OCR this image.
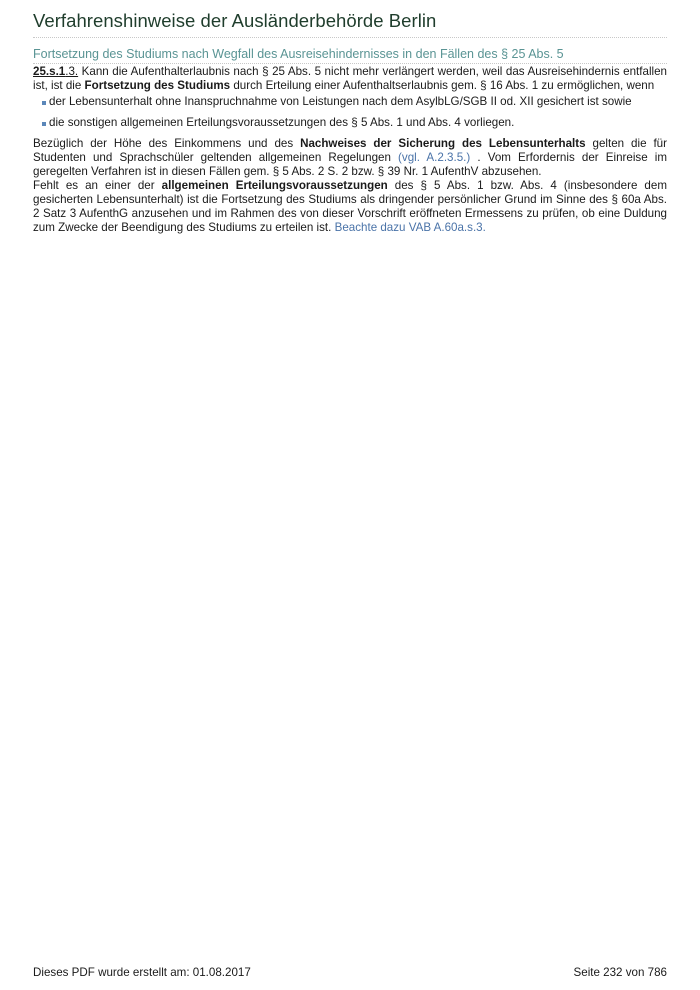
Verfahrenshinweise der Ausländerbehörde Berlin
Fortsetzung des Studiums nach Wegfall des Ausreisehindernisses in den Fällen des § 25 Abs. 5

25.s.1.3. Kann die Aufenthalterlaubnis nach § 25 Abs. 5 nicht mehr verlängert werden, weil das Ausreisehindernis entfallen ist, ist die Fortsetzung des Studiums durch Erteilung einer Aufenthaltserlaubnis gem. § 16 Abs. 1 zu ermöglichen, wenn

der Lebensunterhalt ohne Inanspruchnahme von Leistungen nach dem AsylbLG/SGB II od. XII gesichert ist sowie
die sonstigen allgemeinen Erteilungsvoraussetzungen des § 5 Abs. 1 und Abs. 4 vorliegen.

Bezüglich der Höhe des Einkommens und des Nachweises der Sicherung des Lebensunterhalts gelten die für Studenten und Sprachschüler geltenden allgemeinen Regelungen (vgl. A.2.3.5.) . Vom Erfordernis der Einreise im geregelten Verfahren ist in diesen Fällen gem. § 5 Abs. 2 S. 2 bzw. § 39 Nr. 1 AufenthV abzusehen.

Fehlt es an einer der allgemeinen Erteilungsvoraussetzungen des § 5 Abs. 1 bzw. Abs. 4 (insbesondere dem gesicherten Lebensunterhalt) ist die Fortsetzung des Studiums als dringender persönlicher Grund im Sinne des § 60a Abs. 2 Satz 3 AufenthG anzusehen und im Rahmen des von dieser Vorschrift eröffneten Ermessens zu prüfen, ob eine Duldung zum Zwecke der Beendigung des Studiums zu erteilen ist. Beachte dazu VAB A.60a.s.3.

Dieses PDF wurde erstellt am: 01.08.2017	Seite 232 von 786
